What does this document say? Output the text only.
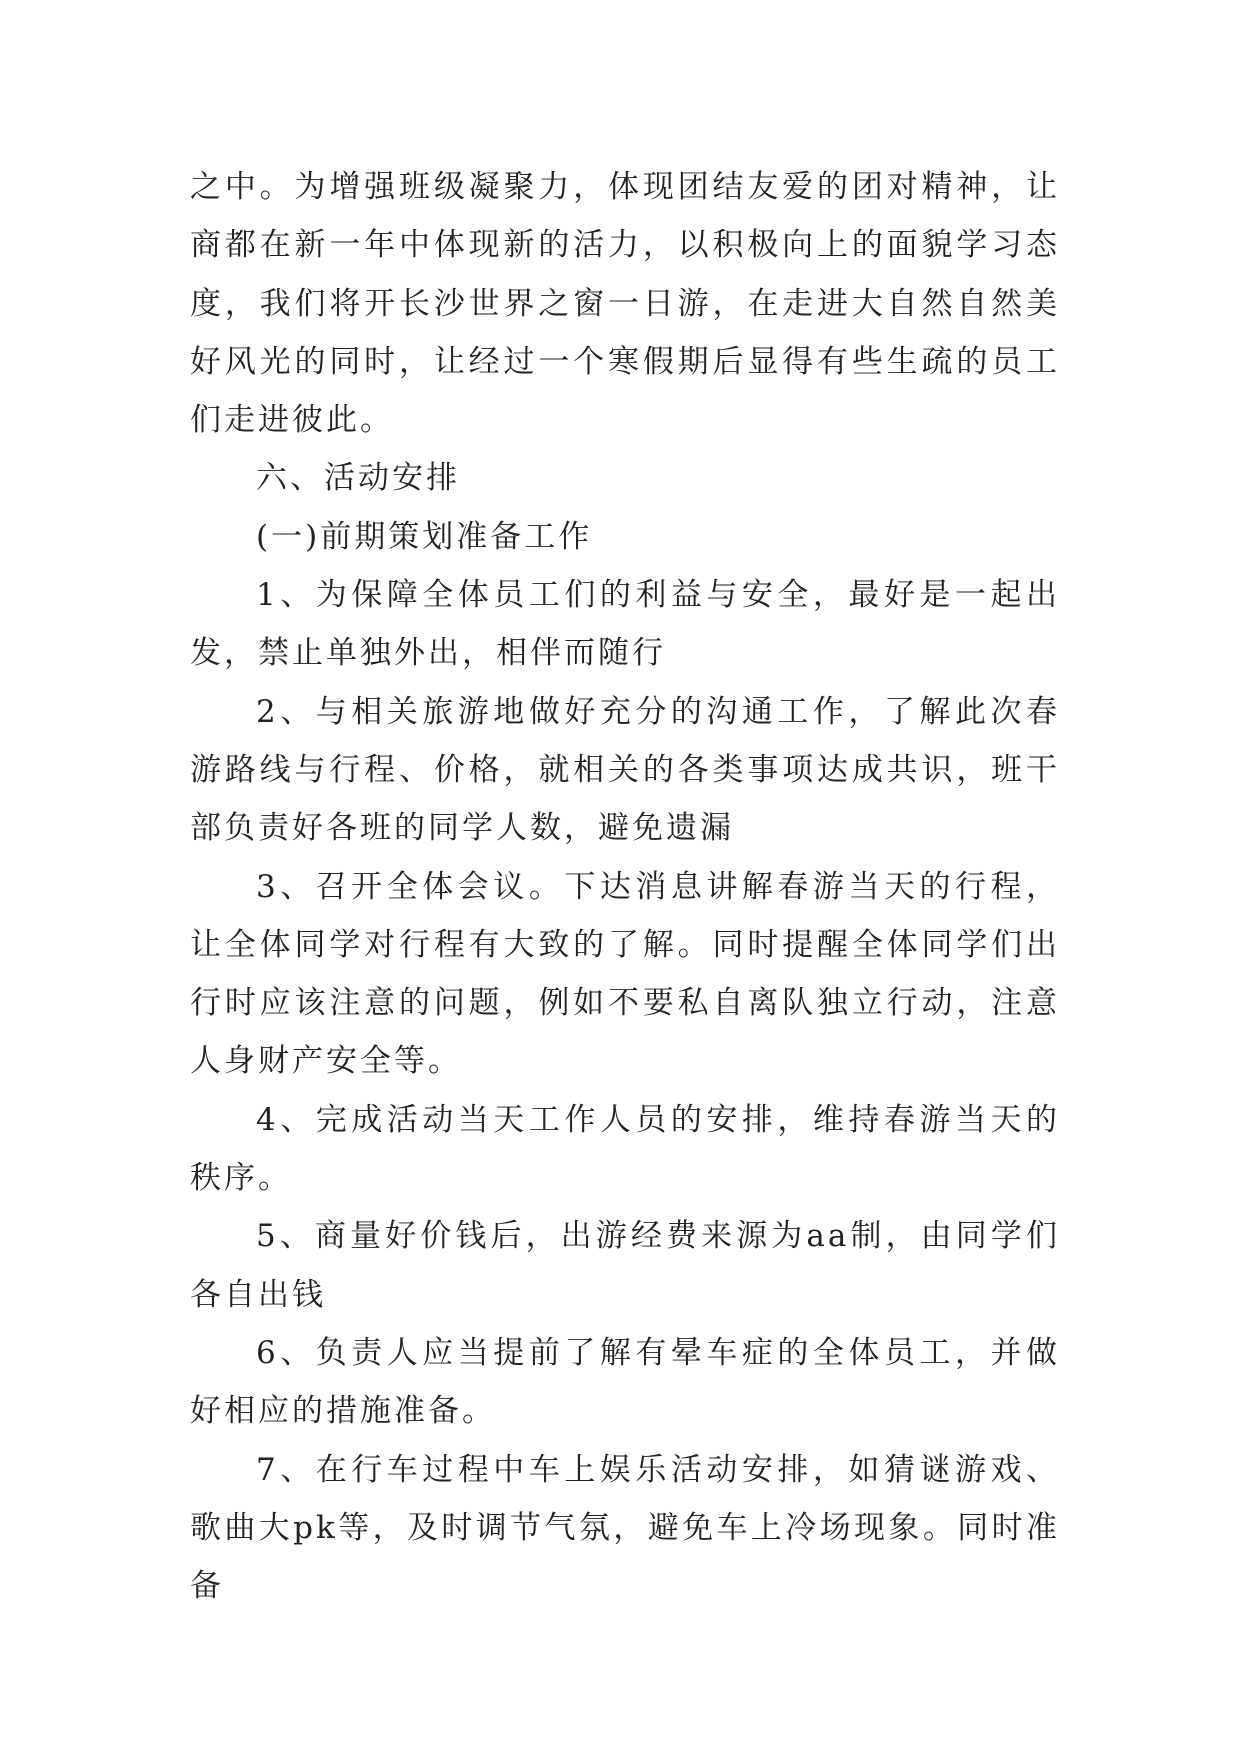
之中。为增强班级凝聚力，体现团结友爱的团对精神，让商都在新一年中体现新的活力，以积极向上的面貌学习态度，我们将开长沙世界之窗一日游，在走进大自然自然美好风光的同时，让经过一个寒假期后显得有些生疏的员工们走进彼此。

六、活动安排

(一)前期策划准备工作

1、为保障全体员工们的利益与安全，最好是一起出发，禁止单独外出，相伴而随行

2、与相关旅游地做好充分的沟通工作，了解此次春游路线与行程、价格，就相关的各类事项达成共识，班干部负责好各班的同学人数，避免遗漏

3、召开全体会议。下达消息讲解春游当天的行程，让全体同学对行程有大致的了解。同时提醒全体同学们出行时应该注意的问题，例如不要私自离队独立行动，注意人身财产安全等。

4、完成活动当天工作人员的安排，维持春游当天的秩序。

5、商量好价钱后，出游经费来源为aa制，由同学们各自出钱

6、负责人应当提前了解有晕车症的全体员工，并做好相应的措施准备。

7、在行车过程中车上娱乐活动安排，如猜谜游戏、歌曲大pk等，及时调节气氛，避免车上冷场现象。同时准备
